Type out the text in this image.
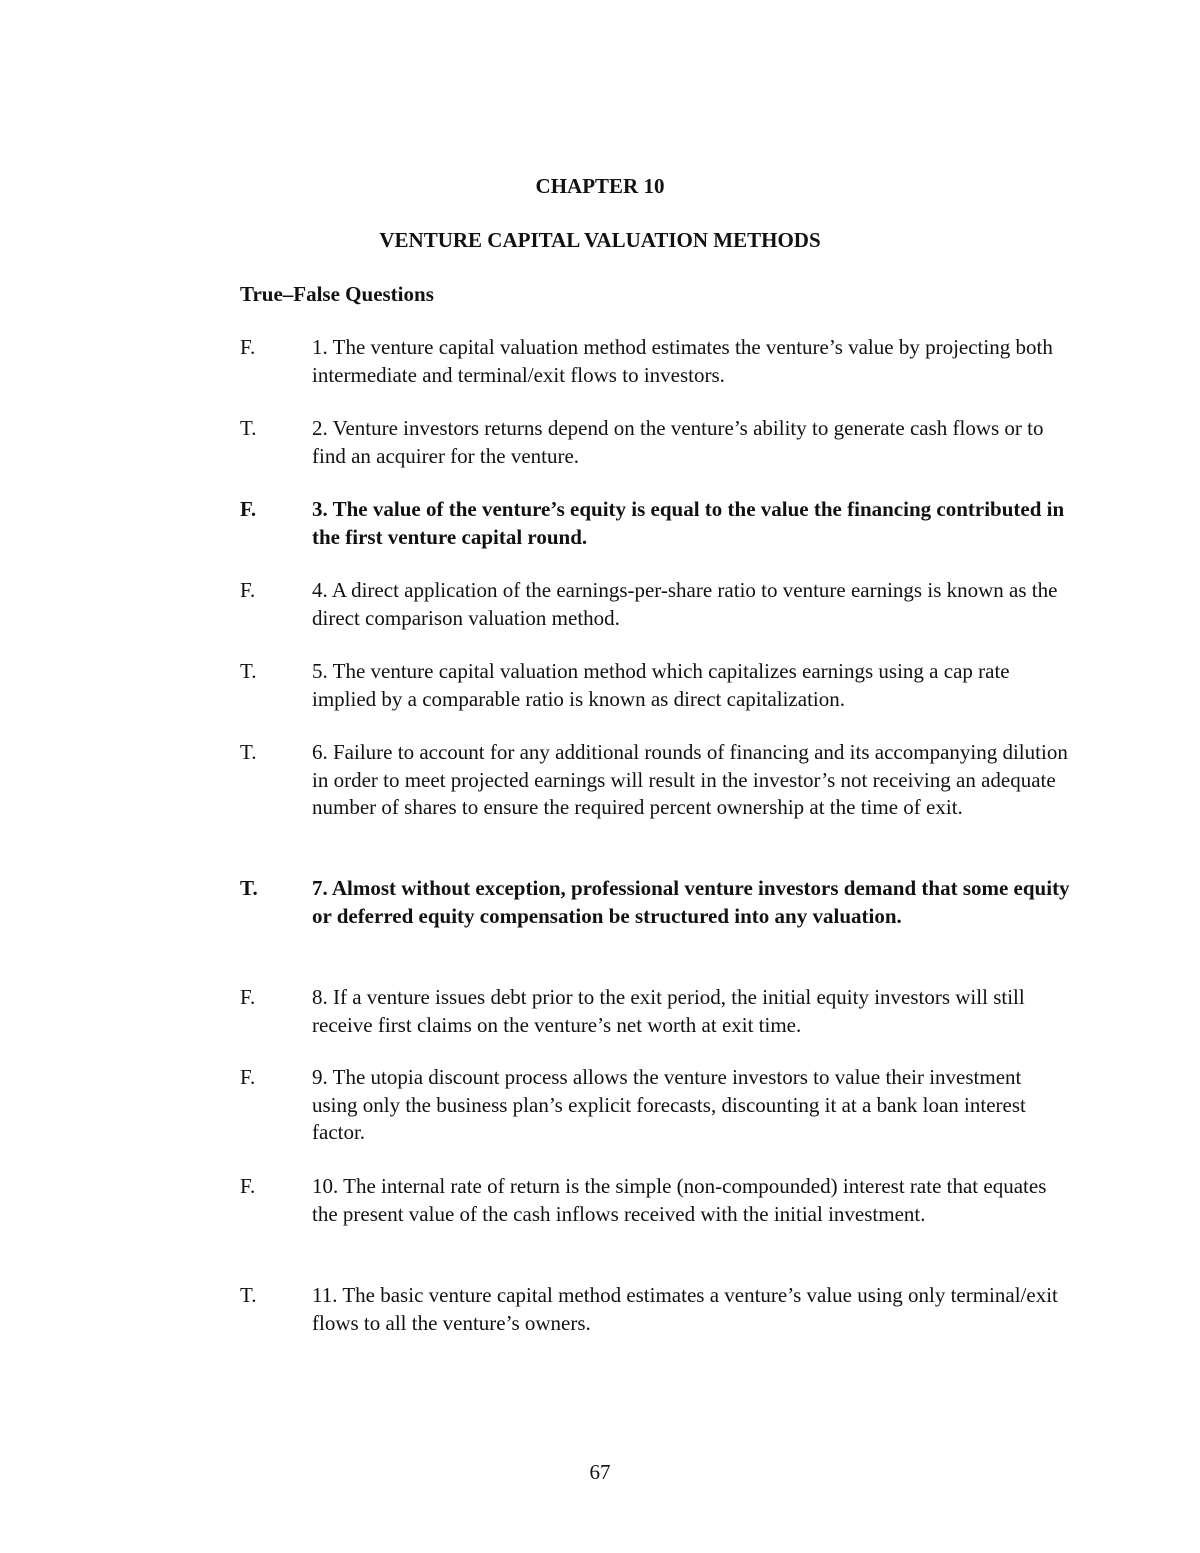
CHAPTER 10
VENTURE CAPITAL VALUATION METHODS
True–False Questions
F.	1. The venture capital valuation method estimates the venture’s value by projecting both intermediate and terminal/exit flows to investors.
T.	2. Venture investors returns depend on the venture’s ability to generate cash flows or to find an acquirer for the venture.
F.	3. The value of the venture’s equity is equal to the value the financing contributed in the first venture capital round.
F.	4. A direct application of the earnings-per-share ratio to venture earnings is known as the direct comparison valuation method.
T.	5. The venture capital valuation method which capitalizes earnings using a cap rate implied by a comparable ratio is known as direct capitalization.
T.	6. Failure to account for any additional rounds of financing and its accompanying dilution in order to meet projected earnings will result in the investor’s not receiving an adequate number of shares to ensure the required percent ownership at the time of exit.
T.	7. Almost without exception, professional venture investors demand that some equity or deferred equity compensation be structured into any valuation.
F.	8. If a venture issues debt prior to the exit period, the initial equity investors will still receive first claims on the venture’s net worth at exit time.
F.	9. The utopia discount process allows the venture investors to value their investment using only the business plan’s explicit forecasts, discounting it at a bank loan interest factor.
F.	10. The internal rate of return is the simple (non-compounded) interest rate that equates the present value of the cash inflows received with the initial investment.
T.	11. The basic venture capital method estimates a venture’s value using only terminal/exit flows to all the venture’s owners.
67
